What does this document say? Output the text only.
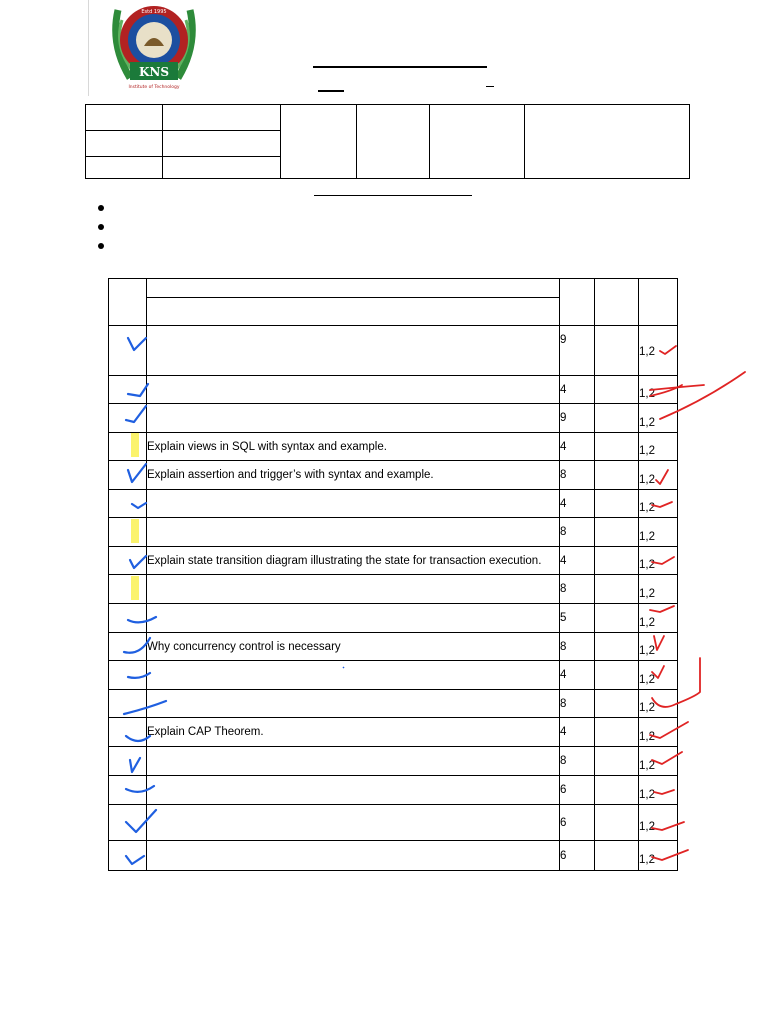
KNS
Estd 1995
Institute of Technology

		9		1,2
		4		1,2
		9		1,2
	Explain views in SQL with syntax and example.	4		1,2
	Explain assertion and trigger’s with syntax and example.	8		1,2
		4		1,2
		8		1,2
	Explain state transition diagram illustrating the state for transaction execution.	4		1,2
		8		1,2
		5		1,2
	Why concurrency control is necessary	8		1,2
		4		1,2
		8		1,2
	Explain CAP Theorem.	4		1,2
		8		1,2
		6		1,2
		6		1,2
		6		1,2
